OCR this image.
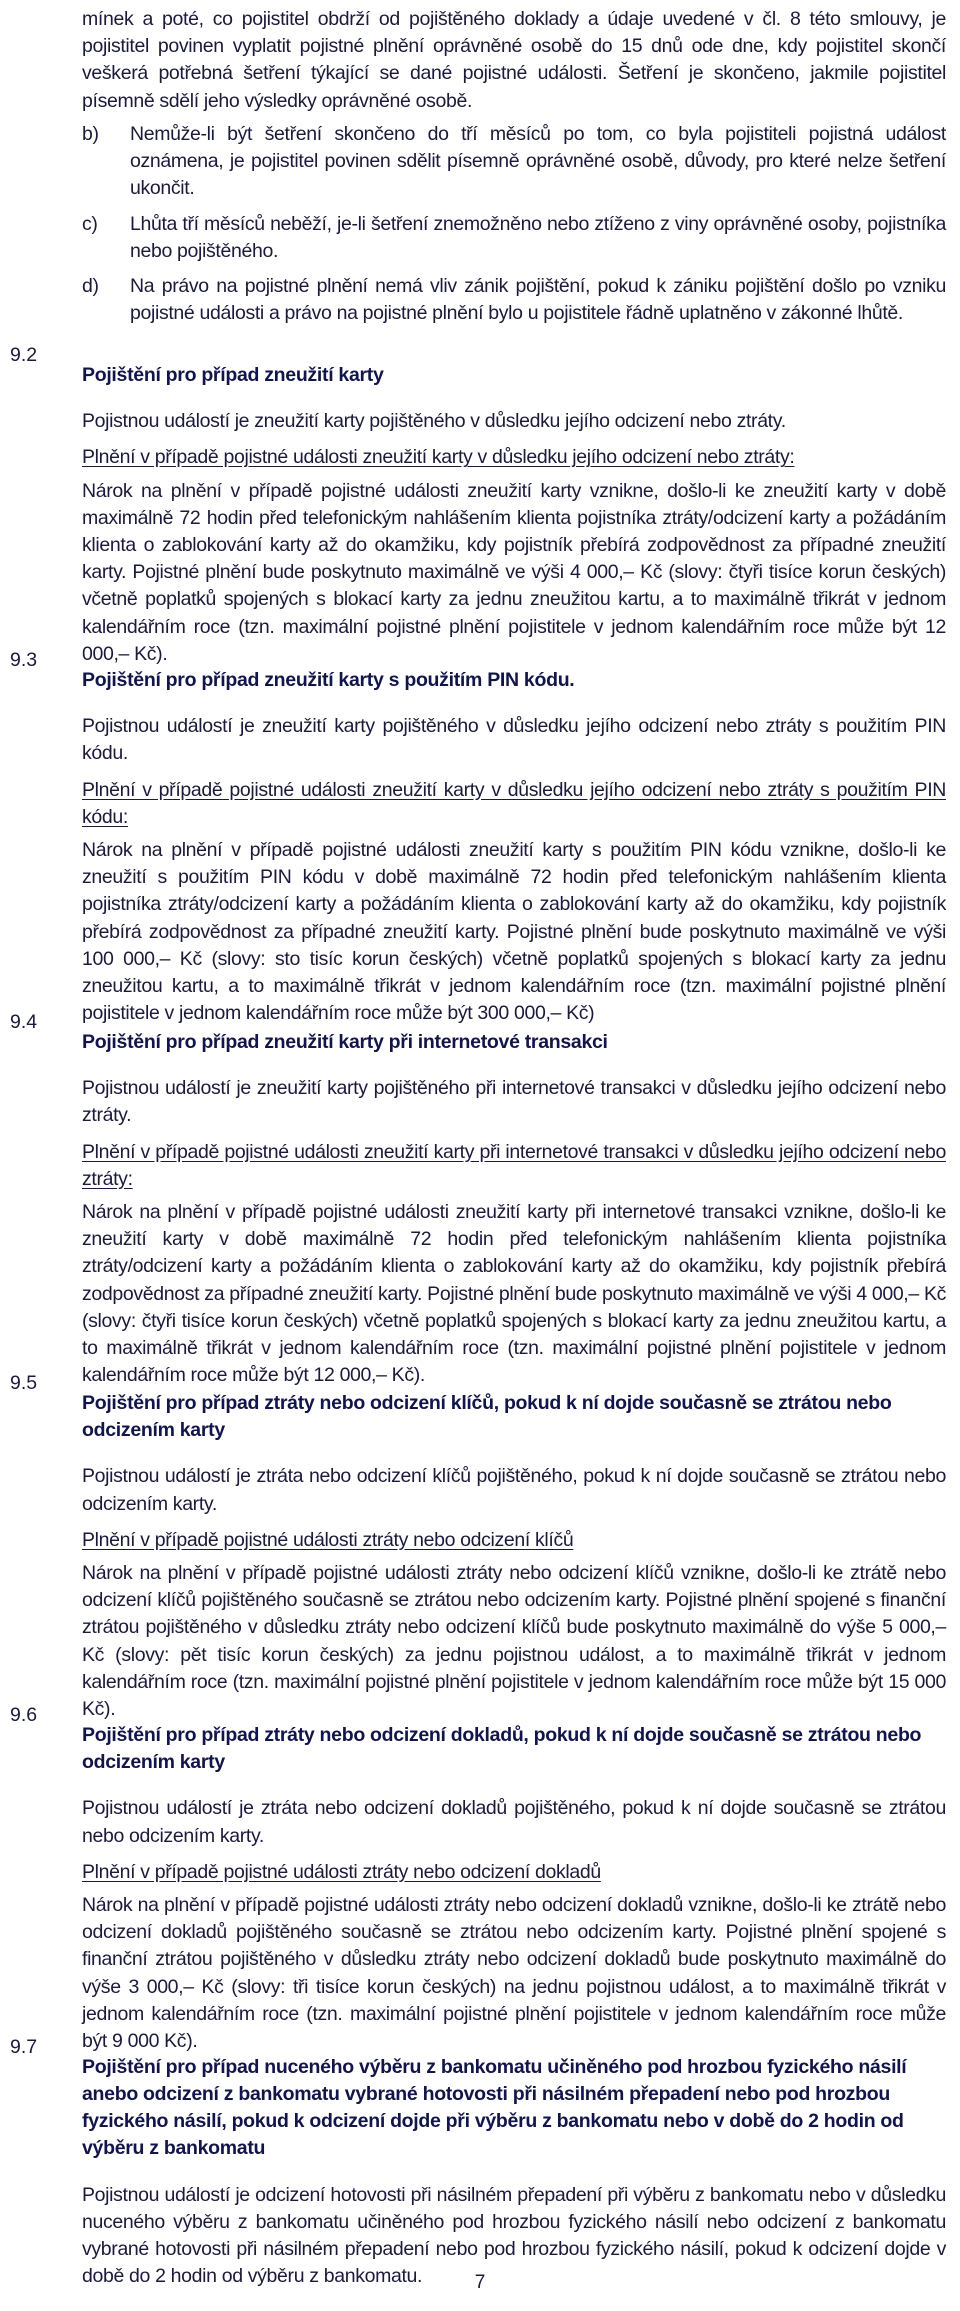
mínek a poté, co pojistitel obdrží od pojištěného doklady a údaje uvedené v čl. 8 této smlouvy, je pojistitel povinen vyplatit pojistné plnění oprávněné osobě do 15 dnů ode dne, kdy pojistitel skončí veškerá potřebná šetření týkající se dané pojistné události. Šetření je skončeno, jakmile pojistitel písemně sdělí jeho výsledky oprávněné osobě.

b)	Nemůže-li být šetření skončeno do tří měsíců po tom, co byla pojistiteli pojistná událost oznámena, je pojistitel povinen sdělit písemně oprávněné osobě, důvody, pro které nelze šetření ukončit.

c)	Lhůta tří měsíců neběží, je-li šetření znemožněno nebo ztíženo z viny oprávněné osoby, pojistníka nebo pojištěného.

d)	Na právo na pojistné plnění nemá vliv zánik pojištění, pokud k zániku pojištění došlo po vzniku pojistné události a právo na pojistné plnění bylo u pojistitele řádně uplatněno v zákonné lhůtě.

9.2

Pojištění pro případ zneužití karty

Pojistnou událostí je zneužití karty pojištěného v důsledku jejího odcizení nebo ztráty.

Plnění v případě pojistné události zneužití karty v důsledku jejího odcizení nebo ztráty:

Nárok na plnění v případě pojistné události zneužití karty vznikne, došlo-li ke zneužití karty v době maximálně 72 hodin před telefonickým nahlášením klienta pojistníka ztráty/odcizení karty a požádáním klienta o zablokování karty až do okamžiku, kdy pojistník přebírá zodpovědnost za případné zneužití karty. Pojistné plnění bude poskytnuto maximálně ve výši 4 000,– Kč (slovy: čtyři tisíce korun českých) včetně poplatků spojených s blokací karty za jednu zneužitou kartu, a to maximálně třikrát v jednom kalendářním roce (tzn. maximální pojistné plnění pojistitele v jednom kalendářním roce může být 12 000,– Kč).

9.3

Pojištění pro případ zneužití karty s použitím PIN kódu.

Pojistnou událostí je zneužití karty pojištěného v důsledku jejího odcizení nebo ztráty s použitím PIN kódu.

Plnění v případě pojistné události zneužití karty v důsledku jejího odcizení nebo ztráty s použitím PIN kódu:

Nárok na plnění v případě pojistné události zneužití karty s použitím PIN kódu vznikne, došlo-li ke zneužití s použitím PIN kódu v době maximálně 72 hodin před telefonickým nahlášením klienta pojistníka ztráty/odcizení karty a požádáním klienta o zablokování karty až do okamžiku, kdy pojistník přebírá zodpovědnost za případné zneužití karty. Pojistné plnění bude poskytnuto maximálně ve výši 100 000,– Kč (slovy: sto tisíc korun českých) včetně poplatků spojených s blokací karty za jednu zneužitou kartu, a to maximálně třikrát v jednom kalendářním roce (tzn. maximální pojistné plnění pojistitele v jednom kalendářním roce může být 300 000,– Kč)

9.4

Pojištění pro případ zneužití karty při internetové transakci

Pojistnou událostí je zneužití karty pojištěného při internetové transakci v důsledku jejího odcizení nebo ztráty.

Plnění v případě pojistné události zneužití karty při internetové transakci v důsledku jejího odcizení nebo ztráty:

Nárok na plnění v případě pojistné události zneužití karty při internetové transakci vznikne, došlo-li ke zneužití karty v době maximálně 72 hodin před telefonickým nahlášením klienta pojistníka ztráty/odcizení karty a požádáním klienta o zablokování karty až do okamžiku, kdy pojistník přebírá zodpovědnost za případné zneužití karty. Pojistné plnění bude poskytnuto maximálně ve výši 4 000,– Kč (slovy: čtyři tisíce korun českých) včetně poplatků spojených s blokací karty za jednu zneužitou kartu, a to maximálně třikrát v jednom kalendářním roce (tzn. maximální pojistné plnění pojistitele v jednom kalendářním roce může být 12 000,– Kč).

9.5

Pojištění pro případ ztráty nebo odcizení klíčů, pokud k ní dojde současně se ztrátou nebo odcizením karty

Pojistnou událostí je ztráta nebo odcizení klíčů pojištěného, pokud k ní dojde současně se ztrátou nebo odcizením karty.

Plnění v případě pojistné události ztráty nebo odcizení klíčů

Nárok na plnění v případě pojistné události ztráty nebo odcizení klíčů vznikne, došlo-li ke ztrátě nebo odcizení klíčů pojištěného současně se ztrátou nebo odcizením karty. Pojistné plnění spojené s finanční ztrátou pojištěného v důsledku ztráty nebo odcizení klíčů bude poskytnuto maximálně do výše 5 000,– Kč (slovy: pět tisíc korun českých) za jednu pojistnou událost, a to maximálně třikrát v jednom kalendářním roce (tzn. maximální pojistné plnění pojistitele v jednom kalendářním roce může být 15 000 Kč).

9.6

Pojištění pro případ ztráty nebo odcizení dokladů, pokud k ní dojde současně se ztrátou nebo odcizením karty

Pojistnou událostí je ztráta nebo odcizení dokladů pojištěného, pokud k ní dojde současně se ztrátou nebo odcizením karty.

Plnění v případě pojistné události ztráty nebo odcizení dokladů

Nárok na plnění v případě pojistné události ztráty nebo odcizení dokladů vznikne, došlo-li ke ztrátě nebo odcizení dokladů pojištěného současně se ztrátou nebo odcizením karty. Pojistné plnění spojené s finanční ztrátou pojištěného v důsledku ztráty nebo odcizení dokladů bude poskytnuto maximálně do výše 3 000,– Kč (slovy: tři tisíce korun českých) na jednu pojistnou událost, a to maximálně třikrát v jednom kalendářním roce (tzn. maximální pojistné plnění pojistitele v jednom kalendářním roce může být 9 000 Kč).

9.7

Pojištění pro případ nuceného výběru z bankomatu učiněného pod hrozbou fyzického násilí anebo odcizení z bankomatu vybrané hotovosti při násilném přepadení nebo pod hrozbou fyzického násilí, pokud k odcizení dojde při výběru z bankomatu nebo v době do 2 hodin od výběru z bankomatu

Pojistnou událostí je odcizení hotovosti při násilném přepadení při výběru z bankomatu nebo v důsledku nuceného výběru z bankomatu učiněného pod hrozbou fyzického násilí nebo odcizení z bankomatu vybrané hotovosti při násilném přepadení nebo pod hrozbou fyzického násilí, pokud k odcizení dojde v době do 2 hodin od výběru z bankomatu.	7
